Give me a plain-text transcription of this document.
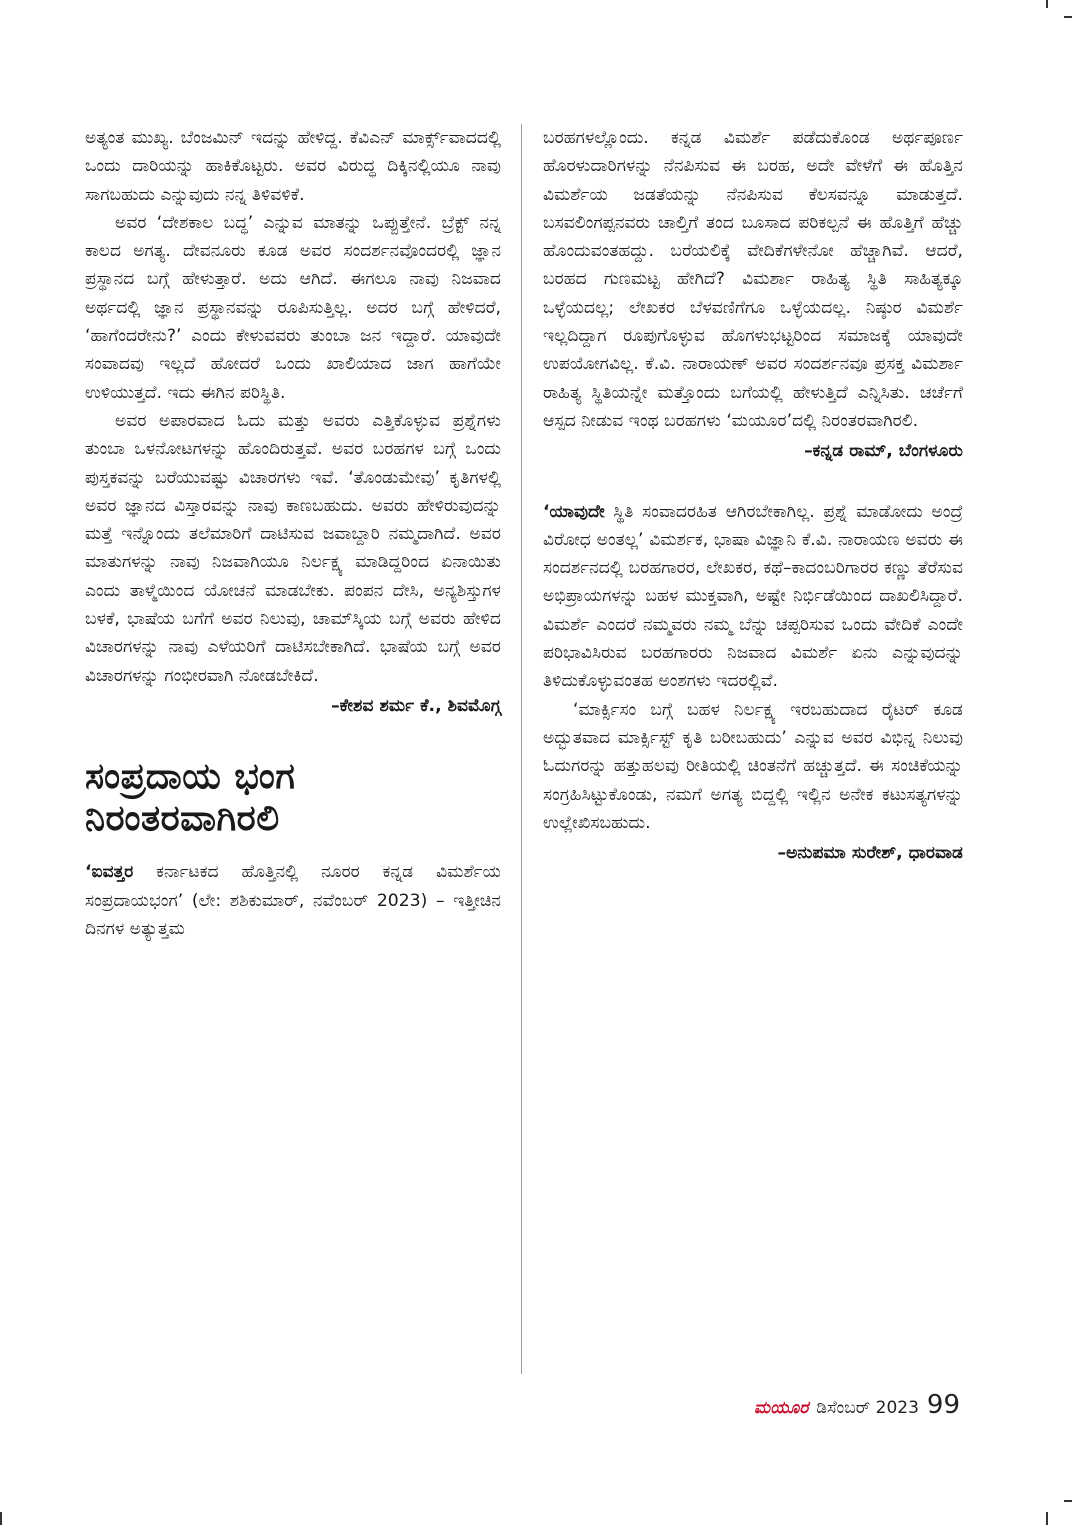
ಅತ್ಯಂತ ಮುಖ್ಯ. ಬೆಂಜಮಿನ್ ಇದನ್ನು ಹೇಳಿದ್ದ. ಕೆವಿಎನ್ ಮಾರ್ಕ್ಸ್‌ವಾದದಲ್ಲಿ ಒಂದು ದಾರಿಯನ್ನು ಹಾಕಿಕೊಟ್ಟರು. ಅವರ ವಿರುದ್ಧ ದಿಕ್ಕಿನಲ್ಲಿಯೂ ನಾವು ಸಾಗಬಹುದು ಎನ್ನುವುದು ನನ್ನ ತಿಳಿವಳಿಕೆ.

ಅವರ ‘ದೇಶಕಾಲ ಬದ್ಧ’ ಎನ್ನುವ ಮಾತನ್ನು ಒಪ್ಪುತ್ತೇನೆ. ಬ್ರೆಕ್ಟ್ ನನ್ನ ಕಾಲದ ಅಗತ್ಯ. ದೇವನೂರು ಕೂಡ ಅವರ ಸಂದರ್ಶನವೊಂದರಲ್ಲಿ ಜ್ಞಾನ ಪ್ರಸ್ಥಾನದ ಬಗ್ಗೆ ಹೇಳುತ್ತಾರೆ. ಅದು ಆಗಿದೆ. ಈಗಲೂ ನಾವು ನಿಜವಾದ ಅರ್ಥದಲ್ಲಿ ಜ್ಞಾನ ಪ್ರಸ್ಥಾನವನ್ನು ರೂಪಿಸುತ್ತಿಲ್ಲ. ಅದರ ಬಗ್ಗೆ ಹೇಳಿದರೆ, ‘ಹಾಗೆಂದರೇನು?’ ಎಂದು ಕೇಳುವವರು ತುಂಬಾ ಜನ ಇದ್ದಾರೆ. ಯಾವುದೇ ಸಂವಾದವು ಇಲ್ಲದೆ ಹೋದರೆ ಒಂದು ಖಾಲಿಯಾದ ಜಾಗ ಹಾಗೆಯೇ ಉಳಿಯುತ್ತದೆ. ಇದು ಈಗಿನ ಪರಿಸ್ಥಿತಿ.

ಅವರ ಅಪಾರವಾದ ಓದು ಮತ್ತು ಅವರು ಎತ್ತಿಕೊಳ್ಳುವ ಪ್ರಶ್ನೆಗಳು ತುಂಬಾ ಒಳನೋಟಗಳನ್ನು ಹೊಂದಿರುತ್ತವೆ. ಅವರ ಬರಹಗಳ ಬಗ್ಗೆ ಒಂದು ಪುಸ್ತಕವನ್ನು ಬರೆಯುವಷ್ಟು ವಿಚಾರಗಳು ಇವೆ. ‘ತೊಂಡುಮೇವು’ ಕೃತಿಗಳಲ್ಲಿ ಅವರ ಜ್ಞಾನದ ವಿಸ್ತಾರವನ್ನು ನಾವು ಕಾಣಬಹುದು. ಅವರು ಹೇಳಿರುವುದನ್ನು ಮತ್ತೆ ಇನ್ನೊಂದು ತಲೆಮಾರಿಗೆ ದಾಟಿಸುವ ಜವಾಬ್ದಾರಿ ನಮ್ಮದಾಗಿದೆ. ಅವರ ಮಾತುಗಳನ್ನು ನಾವು ನಿಜವಾಗಿಯೂ ನಿರ್ಲಕ್ಷ್ಯ ಮಾಡಿದ್ದರಿಂದ ಏನಾಯಿತು ಎಂದು ತಾಳ್ಮೆಯಿಂದ ಯೋಚನೆ ಮಾಡಬೇಕು. ಪಂಪನ ದೇಸಿ, ಅನ್ಯಶಿಸ್ತುಗಳ ಬಳಕೆ, ಭಾಷೆಯ ಬಗೆಗೆ ಅವರ ನಿಲುವು, ಚಾಮ್‌ಸ್ಕಿಯ ಬಗ್ಗೆ ಅವರು ಹೇಳಿದ ವಿಚಾರಗಳನ್ನು ನಾವು ಎಳೆಯರಿಗೆ ದಾಟಿಸಬೇಕಾಗಿದೆ. ಭಾಷೆಯ ಬಗ್ಗೆ ಅವರ ವಿಚಾರಗಳನ್ನು ಗಂಭೀರವಾಗಿ ನೋಡಬೇಕಿದೆ.

–ಕೇಶವ ಶರ್ಮ ಕೆ., ಶಿವಮೊಗ್ಗ

ಸಂಪ್ರದಾಯ ಭಂಗ ನಿರಂತರವಾಗಿರಲಿ

‘ಐವತ್ತರ ಕರ್ನಾಟಕದ ಹೊತ್ತಿನಲ್ಲಿ ನೂರರ ಕನ್ನಡ ವಿಮರ್ಶೆಯ ಸಂಪ್ರದಾಯಭಂಗ’ (ಲೇ: ಶಶಿಕುಮಾರ್, ನವೆಂಬರ್ 2023) – ಇತ್ತೀಚಿನ ದಿನಗಳ ಅತ್ಯುತ್ತಮ

ಬರಹಗಳಲ್ಲೊಂದು. ಕನ್ನಡ ವಿಮರ್ಶೆ ಪಡೆದುಕೊಂಡ ಅರ್ಥಪೂರ್ಣ ಹೊರಳುದಾರಿಗಳನ್ನು ನೆನಪಿಸುವ ಈ ಬರಹ, ಅದೇ ವೇಳೆಗೆ ಈ ಹೊತ್ತಿನ ವಿಮರ್ಶೆಯ ಜಡತೆಯನ್ನು ನೆನಪಿಸುವ ಕೆಲಸವನ್ನೂ ಮಾಡುತ್ತದೆ. ಬಸವಲಿಂಗಪ್ಪನವರು ಚಾಲ್ತಿಗೆ ತಂದ ಬೂಸಾದ ಪರಿಕಲ್ಪನೆ ಈ ಹೊತ್ತಿಗೆ ಹೆಚ್ಚು ಹೊಂದುವಂತಹದ್ದು. ಬರೆಯಲಿಕ್ಕೆ ವೇದಿಕೆಗಳೇನೋ ಹೆಚ್ಚಾಗಿವೆ. ಆದರೆ, ಬರಹದ ಗುಣಮಟ್ಟ ಹೇಗಿದೆ? ವಿಮರ್ಶಾ ರಾಹಿತ್ಯ ಸ್ಥಿತಿ ಸಾಹಿತ್ಯಕ್ಕೂ ಒಳ್ಳೆಯದಲ್ಲ; ಲೇಖಕರ ಬೆಳವಣಿಗೆಗೂ ಒಳ್ಳೆಯದಲ್ಲ. ನಿಷ್ಠುರ ವಿಮರ್ಶೆ ಇಲ್ಲದಿದ್ದಾಗ ರೂಪುಗೊಳ್ಳುವ ಹೊಗಳುಭಟ್ಟರಿಂದ ಸಮಾಜಕ್ಕೆ ಯಾವುದೇ ಉಪಯೋಗವಿಲ್ಲ. ಕೆ.ವಿ. ನಾರಾಯಣ್ ಅವರ ಸಂದರ್ಶನವೂ ಪ್ರಸಕ್ತ ವಿಮರ್ಶಾ ರಾಹಿತ್ಯ ಸ್ಥಿತಿಯನ್ನೇ ಮತ್ತೊಂದು ಬಗೆಯಲ್ಲಿ ಹೇಳುತ್ತಿದೆ ಎನ್ನಿಸಿತು. ಚರ್ಚೆಗೆ ಆಸ್ಪದ ನೀಡುವ ಇಂಥ ಬರಹಗಳು ‘ಮಯೂರ’ದಲ್ಲಿ ನಿರಂತರವಾಗಿರಲಿ.

–ಕನ್ನಡ ರಾಮ್, ಬೆಂಗಳೂರು

‘ಯಾವುದೇ ಸ್ಥಿತಿ ಸಂವಾದರಹಿತ ಆಗಿರಬೇಕಾಗಿಲ್ಲ. ಪ್ರಶ್ನೆ ಮಾಡೋದು ಅಂದ್ರೆ ವಿರೋಧ ಅಂತಲ್ಲ’ ವಿಮರ್ಶಕ, ಭಾಷಾ ವಿಜ್ಞಾನಿ ಕೆ.ವಿ. ನಾರಾಯಣ ಅವರು ಈ ಸಂದರ್ಶನದಲ್ಲಿ ಬರಹಗಾರರ, ಲೇಖಕರ, ಕಥೆ–ಕಾದಂಬರಿಗಾರರ ಕಣ್ಣು ತೆರೆಸುವ ಅಭಿಪ್ರಾಯಗಳನ್ನು ಬಹಳ ಮುಕ್ತವಾಗಿ, ಅಷ್ಟೇ ನಿರ್ಭಿಡೆಯಿಂದ ದಾಖಲಿಸಿದ್ದಾರೆ. ವಿಮರ್ಶೆ ಎಂದರೆ ನಮ್ಮವರು ನಮ್ಮ ಬೆನ್ನು ಚಪ್ಪರಿಸುವ ಒಂದು ವೇದಿಕೆ ಎಂದೇ ಪರಿಭಾವಿಸಿರುವ ಬರಹಗಾರರು ನಿಜವಾದ ವಿಮರ್ಶೆ ಏನು ಎನ್ನುವುದನ್ನು ತಿಳಿದುಕೊಳ್ಳುವಂತಹ ಅಂಶಗಳು ಇದರಲ್ಲಿವೆ.

‘ಮಾರ್ಕ್ಸಿಸಂ ಬಗ್ಗೆ ಬಹಳ ನಿರ್ಲಕ್ಷ್ಯ ಇರಬಹುದಾದ ರೈಟರ್ ಕೂಡ ಅದ್ಭುತವಾದ ಮಾರ್ಕ್ಸಿಸ್ಟ್ ಕೃತಿ ಬರೀಬಹುದು’ ಎನ್ನುವ ಅವರ ವಿಭಿನ್ನ ನಿಲುವು ಓದುಗರನ್ನು ಹತ್ತುಹಲವು ರೀತಿಯಲ್ಲಿ ಚಿಂತನೆಗೆ ಹಚ್ಚುತ್ತದೆ. ಈ ಸಂಚಿಕೆಯನ್ನು ಸಂಗ್ರಹಿಸಿಟ್ಟುಕೊಂಡು, ನಮಗೆ ಅಗತ್ಯ ಬಿದ್ದಲ್ಲಿ ಇಲ್ಲಿನ ಅನೇಕ ಕಟುಸತ್ಯಗಳನ್ನು ಉಲ್ಲೇಖಿಸಬಹುದು.

–ಅನುಪಮಾ ಸುರೇಶ್, ಧಾರವಾಡ

ಮಯೂರ ಡಿಸೆಂಬರ್ 2023 99
